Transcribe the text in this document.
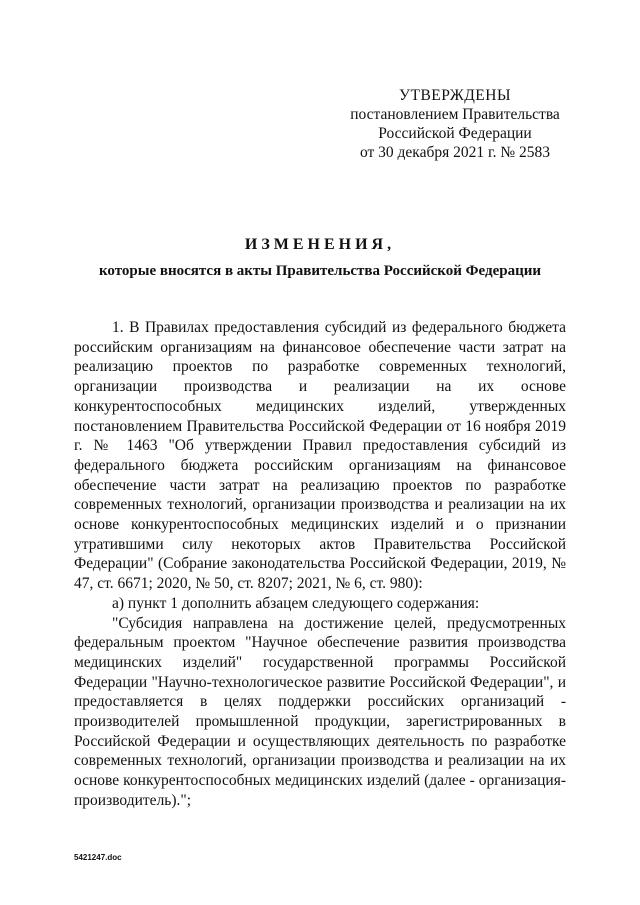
УТВЕРЖДЕНЫ
постановлением Правительства
Российской Федерации
от 30 декабря 2021 г. № 2583
ИЗМЕНЕНИЯ,
которые вносятся в акты Правительства Российской Федерации

1. В Правилах предоставления субсидий из федерального бюджета российским организациям на финансовое обеспечение части затрат на реализацию проектов по разработке современных технологий, организации производства и реализации на их основе конкурентоспособных медицинских изделий, утвержденных постановлением Правительства Российской Федерации от 16 ноября 2019 г. № 1463 "Об утверждении Правил предоставления субсидий из федерального бюджета российским организациям на финансовое обеспечение части затрат на реализацию проектов по разработке современных технологий, организации производства и реализации на их основе конкурентоспособных медицинских изделий и о признании утратившими силу некоторых актов Правительства Российской Федерации" (Собрание законодательства Российской Федерации, 2019, № 47, ст. 6671; 2020, № 50, ст. 8207; 2021, № 6, ст. 980):

а) пункт 1 дополнить абзацем следующего содержания:

"Субсидия направлена на достижение целей, предусмотренных федеральным проектом "Научное обеспечение развития производства медицинских изделий" государственной программы Российской Федерации "Научно-технологическое развитие Российской Федерации", и предоставляется в целях поддержки российских организаций - производителей промышленной продукции, зарегистрированных в Российской Федерации и осуществляющих деятельность по разработке современных технологий, организации производства и реализации на их основе конкурентоспособных медицинских изделий (далее - организация-производитель).";

5421247.doc
